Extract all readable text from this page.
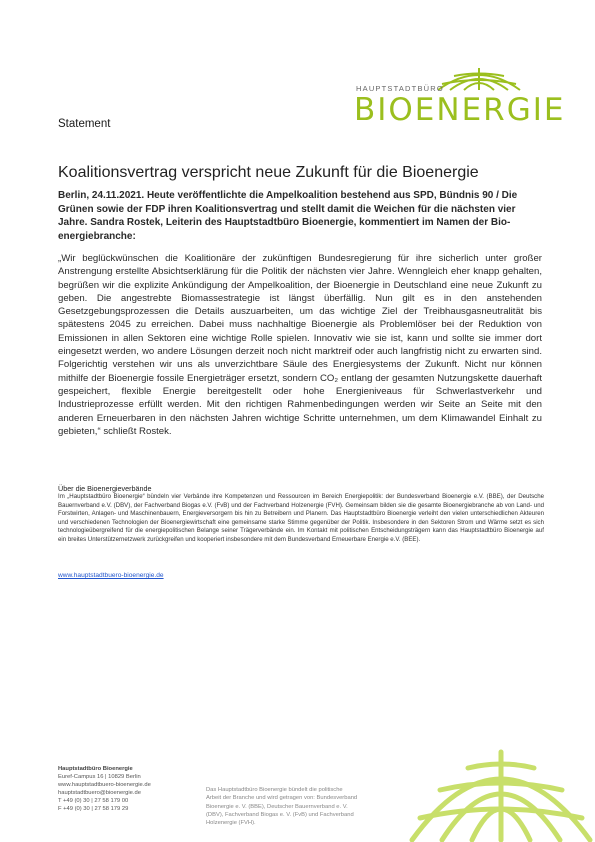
HAUPTSTADTBÜRO
BIOENERGIE
Statement
Koalitionsvertrag verspricht neue Zukunft für die Bioenergie
Berlin, 24.11.2021. Heute veröffentlichte die Ampelkoalition bestehend aus SPD, Bündnis 90 / Die Grünen sowie der FDP ihren Koalitionsvertrag und stellt damit die Weichen für die nächsten vier Jahre. Sandra Rostek, Leiterin des Hauptstadtbüro Bioenergie, kommentiert im Namen der Bio-energiebranche:
„Wir beglückwünschen die Koalitionäre der zukünftigen Bundesregierung für ihre sicherlich unter großer Anstrengung erstellte Absichtserklärung für die Politik der nächsten vier Jahre. Wenngleich eher knapp gehalten, begrüßen wir die explizite Ankündigung der Ampelkoalition, der Bioenergie in Deutschland eine neue Zukunft zu geben. Die angestrebte Biomassestrategie ist längst überfällig. Nun gilt es in den anstehenden Gesetzgebungsprozessen die Details auszuarbeiten, um das wichtige Ziel der Treibhausgasneutralität bis spätestens 2045 zu erreichen. Dabei muss nachhaltige Bioenergie als Problemlöser bei der Reduktion von Emissionen in allen Sektoren eine wichtige Rolle spielen. Innovativ wie sie ist, kann und sollte sie immer dort eingesetzt werden, wo andere Lösungen derzeit noch nicht marktreif oder auch langfristig nicht zu erwarten sind. Folgerichtig verstehen wir uns als unverzichtbare Säule des Energiesystems der Zukunft. Nicht nur können mithilfe der Bioenergie fossile Energieträger ersetzt, sondern CO₂ entlang der gesamten Nutzungskette dauerhaft gespeichert, flexible Energie bereitgestellt oder hohe Energieniveaus für Schwerlastverkehr und Industrieprozesse erfüllt werden. Mit den richtigen Rahmenbedingungen werden wir Seite an Seite mit den anderen Erneuerbaren in den nächsten Jahren wichtige Schritte unternehmen, um dem Klimawandel Einhalt zu gebieten,“ schließt Rostek.
Über die Bioenergieverbände
Im „Hauptstadtbüro Bioenergie“ bündeln vier Verbände ihre Kompetenzen und Ressourcen im Bereich Energiepolitik: der Bundesverband Bioenergie e.V. (BBE), der Deutsche Bauernverband e.V. (DBV), der Fachverband Biogas e.V. (FvB) und der Fachverband Holzenergie (FVH). Gemeinsam bilden sie die gesamte Bioenergiebranche ab von Land- und Forstwirten, Anlagen- und Maschinenbauern, Energieversorgern bis hin zu Betreibern und Planern. Das Hauptstadtbüro Bioenergie verleiht den vielen unterschiedlichen Akteuren und verschiedenen Technologien der Bioenergiewirtschaft eine gemeinsame starke Stimme gegenüber der Politik. Insbesondere in den Sektoren Strom und Wärme setzt es sich technologieübergreifend für die energiepolitischen Belange seiner Trägerverbände ein. Im Kontakt mit politischen Entscheidungsträgern kann das Hauptstadtbüro Bioenergie auf ein breites Unterstützernetzwerk zurückgreifen und kooperiert insbesondere mit dem Bundesverband Erneuerbare Energie e.V. (BEE).
www.hauptstadtbuero-bioenergie.de
Hauptstadtbüro Bioenergie
Euref-Campus 16 | 10829 Berlin
www.hauptstadtbuero-bioenergie.de
hauptstadtbuero@bioenergie.de
T +49 (0) 30 | 27 58 179 00
F +49 (0) 30 | 27 58 179 29
Das Hauptstadtbüro Bioenergie bündelt die politische
Arbeit der Branche und wird getragen von: Bundesverband
Bioenergie e. V. (BBE), Deutscher Bauernverband e. V.
(DBV), Fachverband Biogas e. V. (FvB) und Fachverband
Holzenergie (FVH).
